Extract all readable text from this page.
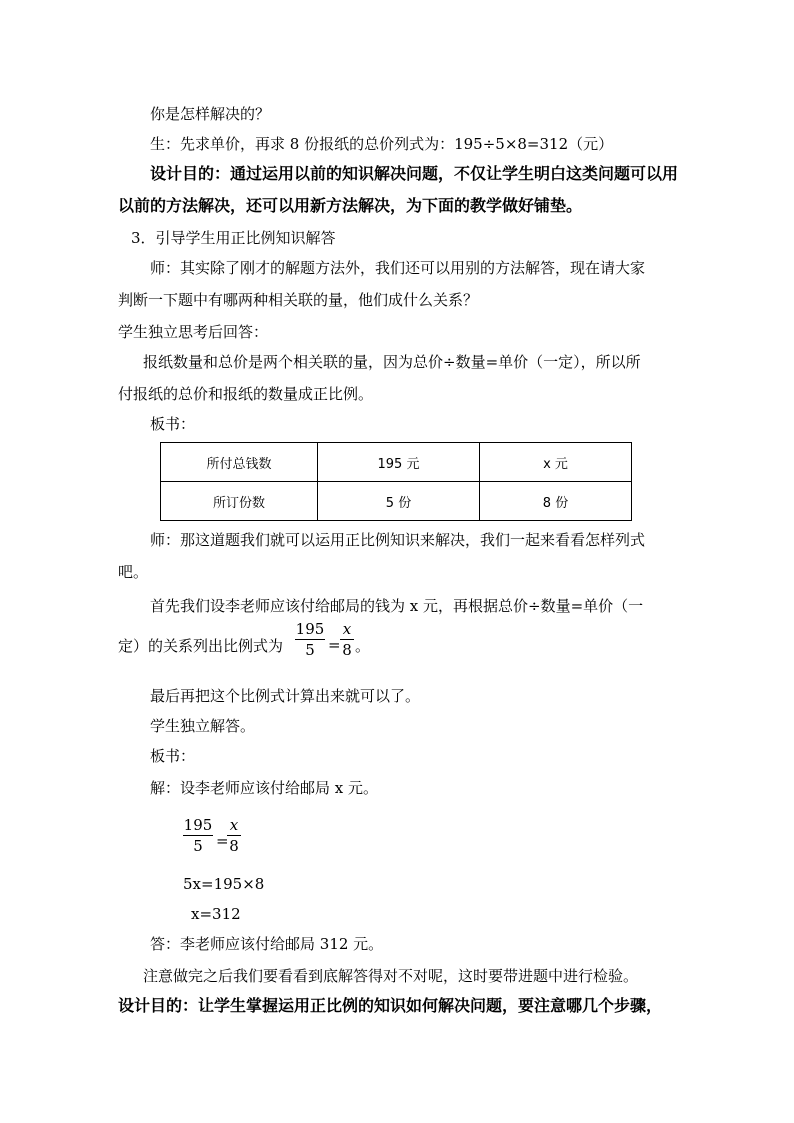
你是怎样解决的？
生：先求单价，再求 8 份报纸的总价列式为：195÷5×8=312（元）
设计目的：通过运用以前的知识解决问题，不仅让学生明白这类问题可以用
以前的方法解决，还可以用新方法解决，为下面的教学做好铺垫。
3．引导学生用正比例知识解答
师：其实除了刚才的解题方法外，我们还可以用别的方法解答，现在请大家
判断一下题中有哪两种相关联的量，他们成什么关系？
学生独立思考后回答：
报纸数量和总价是两个相关联的量，因为总价÷数量=单价（一定），所以所
付报纸的总价和报纸的数量成正比例。
板书：
所付总钱数	195 元	x 元
所订份数	5 份	8 份
师：那这道题我们就可以运用正比例知识来解决，我们一起来看看怎样列式
吧。
首先我们设李老师应该付给邮局的钱为 x 元，再根据总价÷数量=单价（一
定）的关系列出比例式为
195
5 =
x
8 。
最后再把这个比例式计算出来就可以了。
学生独立解答。
板书：
解：设李老师应该付给邮局 x 元。
195
5 =
x
8
5x=195×8
x=312
答：李老师应该付给邮局 312 元。
注意做完之后我们要看看到底解答得对不对呢，这时要带进题中进行检验。
设计目的：让学生掌握运用正比例的知识如何解决问题，要注意哪几个步骤，
